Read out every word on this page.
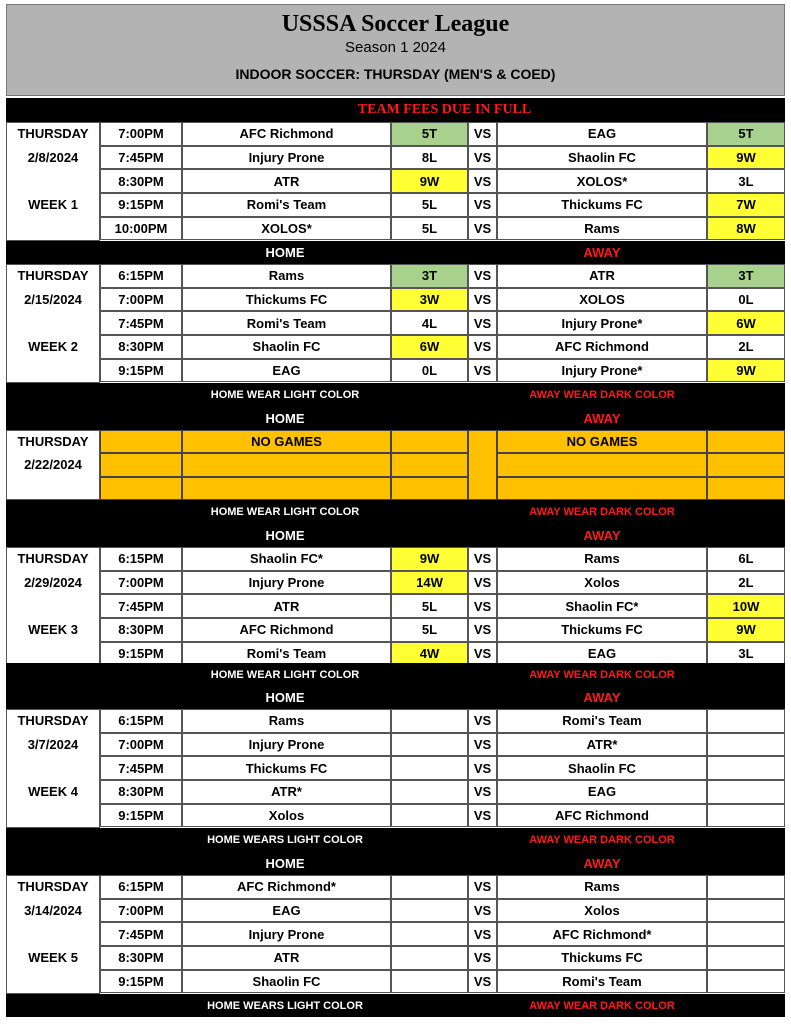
USSSA Soccer League
Season 1 2024
INDOOR SOCCER: THURSDAY (MEN'S & COED)
TEAM FEES DUE IN FULL
THURSDAY
2/8/2024
WEEK 1
7:00PM	AFC Richmond	5T	VS	EAG	5T
7:45PM	Injury Prone	8L	VS	Shaolin FC	9W
8:30PM	ATR	9W	VS	XOLOS*	3L
9:15PM	Romi's Team	5L	VS	Thickums FC	7W
10:00PM	XOLOS*	5L	VS	Rams	8W
HOME	AWAY
THURSDAY
2/15/2024
WEEK 2
6:15PM	Rams	3T	VS	ATR	3T
7:00PM	Thickums FC	3W	VS	XOLOS	0L
7:45PM	Romi's Team	4L	VS	Injury Prone*	6W
8:30PM	Shaolin FC	6W	VS	AFC Richmond	2L
9:15PM	EAG	0L	VS	Injury Prone*	9W
HOME WEAR LIGHT COLOR	AWAY WEAR DARK COLOR
HOME	AWAY
THURSDAY
2/22/2024
NO GAMES	NO GAMES
HOME WEAR LIGHT COLOR	AWAY WEAR DARK COLOR
HOME	AWAY
THURSDAY
2/29/2024
WEEK 3
6:15PM	Shaolin FC*	9W	VS	Rams	6L
7:00PM	Injury Prone	14W	VS	Xolos	2L
7:45PM	ATR	5L	VS	Shaolin FC*	10W
8:30PM	AFC Richmond	5L	VS	Thickums FC	9W
9:15PM	Romi's Team	4W	VS	EAG	3L
HOME WEAR LIGHT COLOR	AWAY WEAR DARK COLOR
HOME	AWAY
THURSDAY
3/7/2024
WEEK 4
6:15PM	Rams	VS	Romi's Team
7:00PM	Injury Prone	VS	ATR*
7:45PM	Thickums FC	VS	Shaolin FC
8:30PM	ATR*	VS	EAG
9:15PM	Xolos	VS	AFC Richmond
HOME WEARS LIGHT COLOR	AWAY WEAR DARK COLOR
HOME	AWAY
THURSDAY
3/14/2024
WEEK 5
6:15PM	AFC Richmond*	VS	Rams
7:00PM	EAG	VS	Xolos
7:45PM	Injury Prone	VS	AFC Richmond*
8:30PM	ATR	VS	Thickums FC
9:15PM	Shaolin FC	VS	Romi's Team
HOME WEARS LIGHT COLOR	AWAY WEAR DARK COLOR
